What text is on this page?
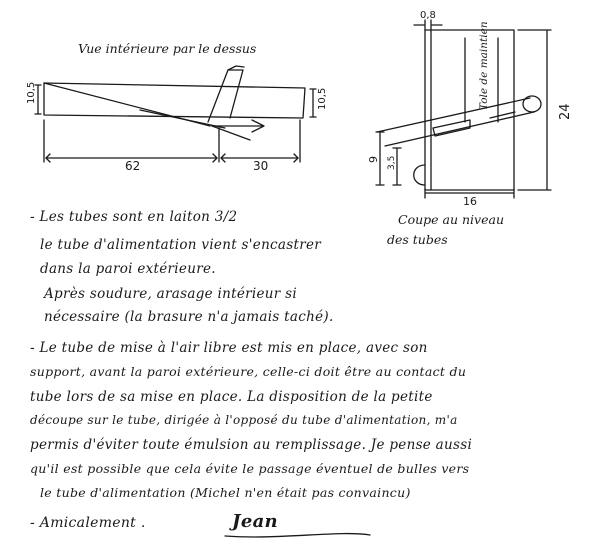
Vue intérieure par le dessus
10,5	10,5
62	30
0,8
Tole de maintien
24
9 3,5
16
Coupe au niveau
des tubes
- Les tubes sont en laiton 3/2
le tube d'alimentation vient s'encastrer
dans la paroi extérieure.
Après soudure, arasage intérieur si
nécessaire (la brasure n'a jamais taché).
- Le tube de mise à l'air libre est mis en place, avec son
support, avant la paroi extérieure, celle-ci doit être au contact du
tube lors de sa mise en place. La disposition de la petite
découpe sur le tube, dirigée à l'opposé du tube d'alimentation, m'a
permis d'éviter toute émulsion au remplissage. Je pense aussi
qu'il est possible que cela évite le passage éventuel de bulles vers
le tube d'alimentation (Michel n'en était pas convaincu)
- Amicalement .	Jean
